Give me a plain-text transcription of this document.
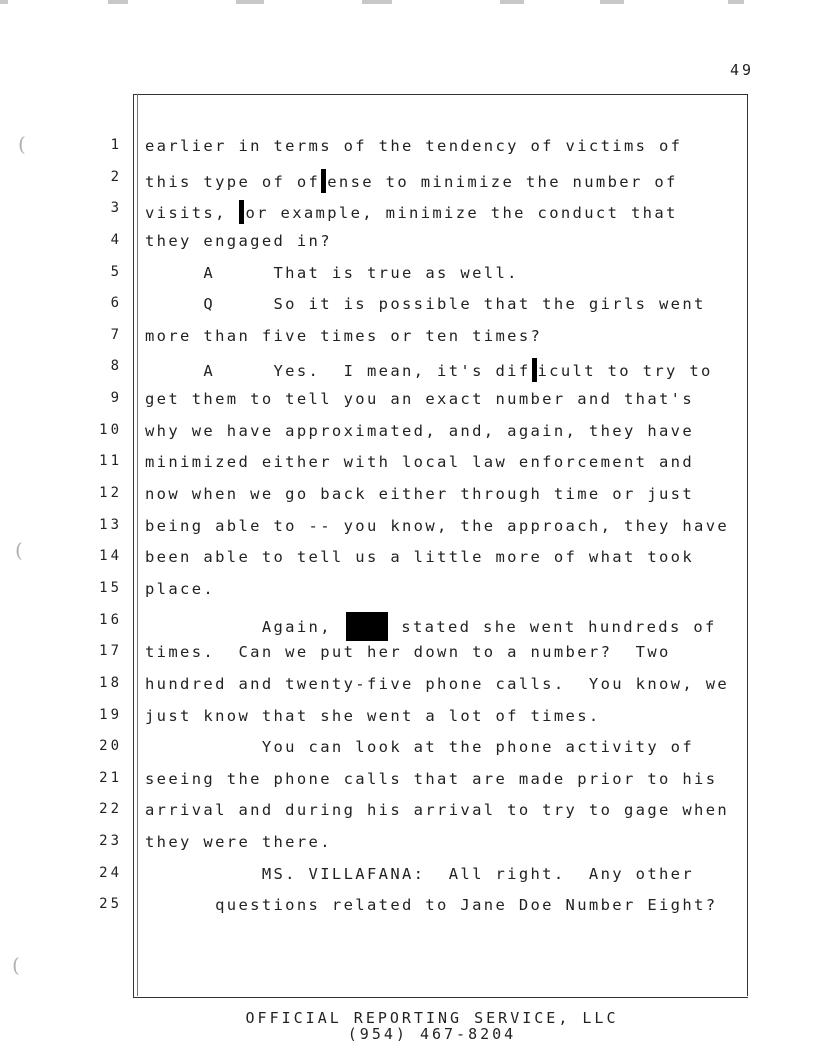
49
(
(
(
1 earlier in terms of the tendency of victims of
2 this type of of ense to minimize the number of
3 visits, or example, minimize the conduct that
4 they engaged in?
5 A     That is true as well.
6 Q     So it is possible that the girls went
7 more than five times or ten times?
8 A     Yes.  I mean, it's dif icult to try to
9 get them to tell you an exact number and that's
10 why we have approximated, and, again, they have
11 minimized either with local law enforcement and
12 now when we go back either through time or just
13 being able to -- you know, the approach, they have
14 been able to tell us a little more of what took
15 place.
16 Again,	stated she went hundreds of
17 times.  Can we put her down to a number?  Two
18 hundred and twenty-five phone calls.  You know, we
19 just know that she went a lot of times.
20 You can look at the phone activity of
21 seeing the phone calls that are made prior to his
22 arrival and during his arrival to try to gage when
23 they were there.
24 MS. VILLAFANA:  All right.  Any other
25 questions related to Jane Doe Number Eight?
OFFICIAL REPORTING SERVICE, LLC
(954) 467-8204
